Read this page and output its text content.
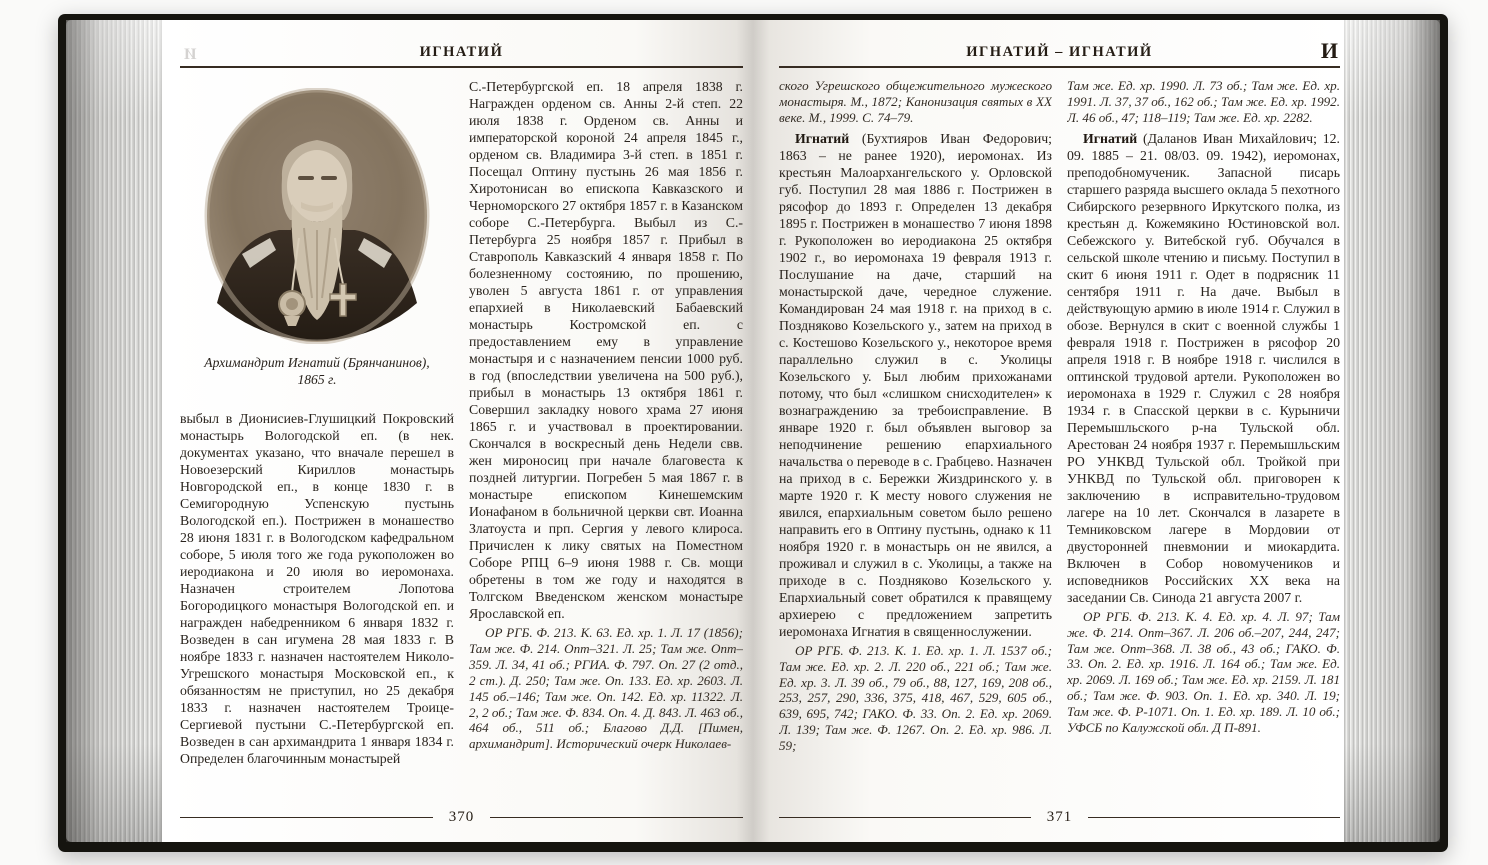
И	ИГНАТИЙ
Архимандрит Игнатий (Брянчанинов),
1865 г.

выбыл в Дионисиев-Глушицкий Покровский монастырь Вологодской еп. (в нек. документах указано, что вначале перешел в Новоезерский Кириллов монастырь Новгородской еп., в конце 1830 г. в Семигородную Успенскую пустынь Вологодской еп.). Пострижен в монашество 28 июня 1831 г. в Вологодском кафедральном соборе, 5 июля того же года рукоположен во иеродиакона и 20 июля во иеромонаха. Назначен строителем Лопотова Богородицкого монастыря Вологодской еп. и награжден набедренником 6 января 1832 г. Возведен в сан игумена 28 мая 1833 г. В ноябре 1833 г. назначен настоятелем Николо-Угрешского монастыря Московской еп., к обязанностям не приступил, но 25 декабря 1833 г. назначен настоятелем Троице-Сергиевой пустыни С.-Петербургской еп. Возведен в сан архимандрита 1 января 1834 г. Определен благочинным монастырей

С.-Петербургской еп. 18 апреля 1838 г. Награжден орденом св. Анны 2-й степ. 22 июля 1838 г. Орденом св. Анны и императорской короной 24 апреля 1845 г., орденом св. Владимира 3-й степ. в 1851 г. Посещал Оптину пустынь 26 мая 1856 г. Хиротонисан во епископа Кавказского и Черноморского 27 октября 1857 г. в Казанском соборе С.-Петербурга. Выбыл из С.-Петербурга 25 ноября 1857 г. Прибыл в Ставрополь Кавказский 4 января 1858 г. По болезненному состоянию, по прошению, уволен 5 августа 1861 г. от управления епархией в Николаевский Бабаевский монастырь Костромской еп. с предоставлением ему в управление монастыря и с назначением пенсии 1000 руб. в год (впоследствии увеличена на 500 руб.), прибыл в монастырь 13 октября 1861 г. Совершил закладку нового храма 27 июня 1865 г. и участвовал в проектировании. Скончался в воскресный день Недели свв. жен мироносиц при начале благовеста к поздней литургии. Погребен 5 мая 1867 г. в монастыре епископом Кинешемским Ионафаном в больничной церкви свт. Иоанна Златоуста и прп. Сергия у левого клироса. Причислен к лику святых на Поместном Соборе РПЦ 6–9 июня 1988 г. Св. мощи обретены в том же году и находятся в Толгском Введенском женском монастыре Ярославской еп.

ОР РГБ. Ф. 213. К. 63. Ед. хр. 1. Л. 17 (1856); Там же. Ф. 214. Опт–321. Л. 25; Там же. Опт–359. Л. 34, 41 об.; РГИА. Ф. 797. Оп. 27 (2 отд., 2 ст.). Д. 250; Там же. Оп. 133. Ед. хр. 2603. Л. 145 об.–146; Там же. Оп. 142. Ед. хр. 11322. Л. 2, 2 об.; Там же. Ф. 834. Оп. 4. Д. 843. Л. 463 об., 464 об., 511 об.; Благово Д.Д. [Пимен, архимандрит]. Исторический очерк Николаев-

370
ИГНАТИЙ – ИГНАТИЙ	И

ского Угрешского общежительного мужеского монастыря. М., 1872; Канонизация святых в XX веке. М., 1999. С. 74–79.

Игнатий (Бухтияров Иван Федорович; 1863 – не ранее 1920), иеромонах. Из крестьян Малоархангельского у. Орловской губ. Поступил 28 мая 1886 г. Пострижен в рясофор до 1893 г. Определен 13 декабря 1895 г. Пострижен в монашество 7 июня 1898 г. Рукоположен во иеродиакона 25 октября 1902 г., во иеромонаха 19 февраля 1913 г. Послушание на даче, старший на монастырской даче, чередное служение. Командирован 24 мая 1918 г. на приход в с. Поздняково Козельского у., затем на приход в с. Костешово Козельского у., некоторое время параллельно служил в с. Уколицы Козельского у. Был любим прихожанами потому, что был «слишком снисходителен» к вознаграждению за требоисправление. В январе 1920 г. был объявлен выговор за неподчинение решению епархиального начальства о переводе в с. Грабцево. Назначен на приход в с. Бережки Жиздринского у. в марте 1920 г. К месту нового служения не явился, епархиальным советом было решено направить его в Оптину пустынь, однако к 11 ноября 1920 г. в монастырь он не явился, а проживал и служил в с. Уколицы, а также на приходе в с. Поздняково Козельского у. Епархиальный совет обратился к правящему архиерею с предложением запретить иеромонаха Игнатия в священнослужении.

ОР РГБ. Ф. 213. К. 1. Ед. хр. 1. Л. 1537 об.; Там же. Ед. хр. 2. Л. 220 об., 221 об.; Там же. Ед. хр. 3. Л. 39 об., 79 об., 88, 127, 169, 208 об., 253, 257, 290, 336, 375, 418, 467, 529, 605 об., 639, 695, 742; ГАКО. Ф. 33. Оп. 2. Ед. хр. 2069. Л. 139; Там же. Ф. 1267. Оп. 2. Ед. хр. 986. Л. 59;

Там же. Ед. хр. 1990. Л. 73 об.; Там же. Ед. хр. 1991. Л. 37, 37 об., 162 об.; Там же. Ед. хр. 1992. Л. 46 об., 47; 118–119; Там же. Ед. хр. 2282.

Игнатий (Даланов Иван Михайлович; 12. 09. 1885 – 21. 08/03. 09. 1942), иеромонах, преподобномученик. Запасной писарь старшего разряда высшего оклада 5 пехотного Сибирского резервного Иркутского полка, из крестьян д. Кожемякино Юстиновской вол. Себежского у. Витебской губ. Обучался в сельской школе чтению и письму. Поступил в скит 6 июня 1911 г. Одет в подрясник 11 сентября 1911 г. На даче. Выбыл в действующую армию в июле 1914 г. Служил в обозе. Вернулся в скит с военной службы 1 февраля 1918 г. Пострижен в рясофор 20 апреля 1918 г. В ноябре 1918 г. числился в оптинской трудовой артели. Рукоположен во иеромонаха в 1929 г. Служил с 28 ноября 1934 г. в Спасской церкви в с. Курыничи Перемышльского р-на Тульской обл. Арестован 24 ноября 1937 г. Перемышльским РО УНКВД Тульской обл. Тройкой при УНКВД по Тульской обл. приговорен к заключению в исправительно-трудовом лагере на 10 лет. Скончался в лазарете в Темниковском лагере в Мордовии от двусторонней пневмонии и миокардита. Включен в Собор новомучеников и исповедников Российских XX века на заседании Св. Синода 21 августа 2007 г.

ОР РГБ. Ф. 213. К. 4. Ед. хр. 4. Л. 97; Там же. Ф. 214. Опт–367. Л. 206 об.–207, 244, 247; Там же. Опт–368. Л. 38 об., 43 об.; ГАКО. Ф. 33. Оп. 2. Ед. хр. 1916. Л. 164 об.; Там же. Ед. хр. 2069. Л. 169 об.; Там же. Ед. хр. 2159. Л. 181 об.; Там же. Ф. 903. Оп. 1. Ед. хр. 340. Л. 19; Там же. Ф. Р-1071. Оп. 1. Ед. хр. 189. Л. 10 об.; УФСБ по Калужской обл. Д П-891.

371
